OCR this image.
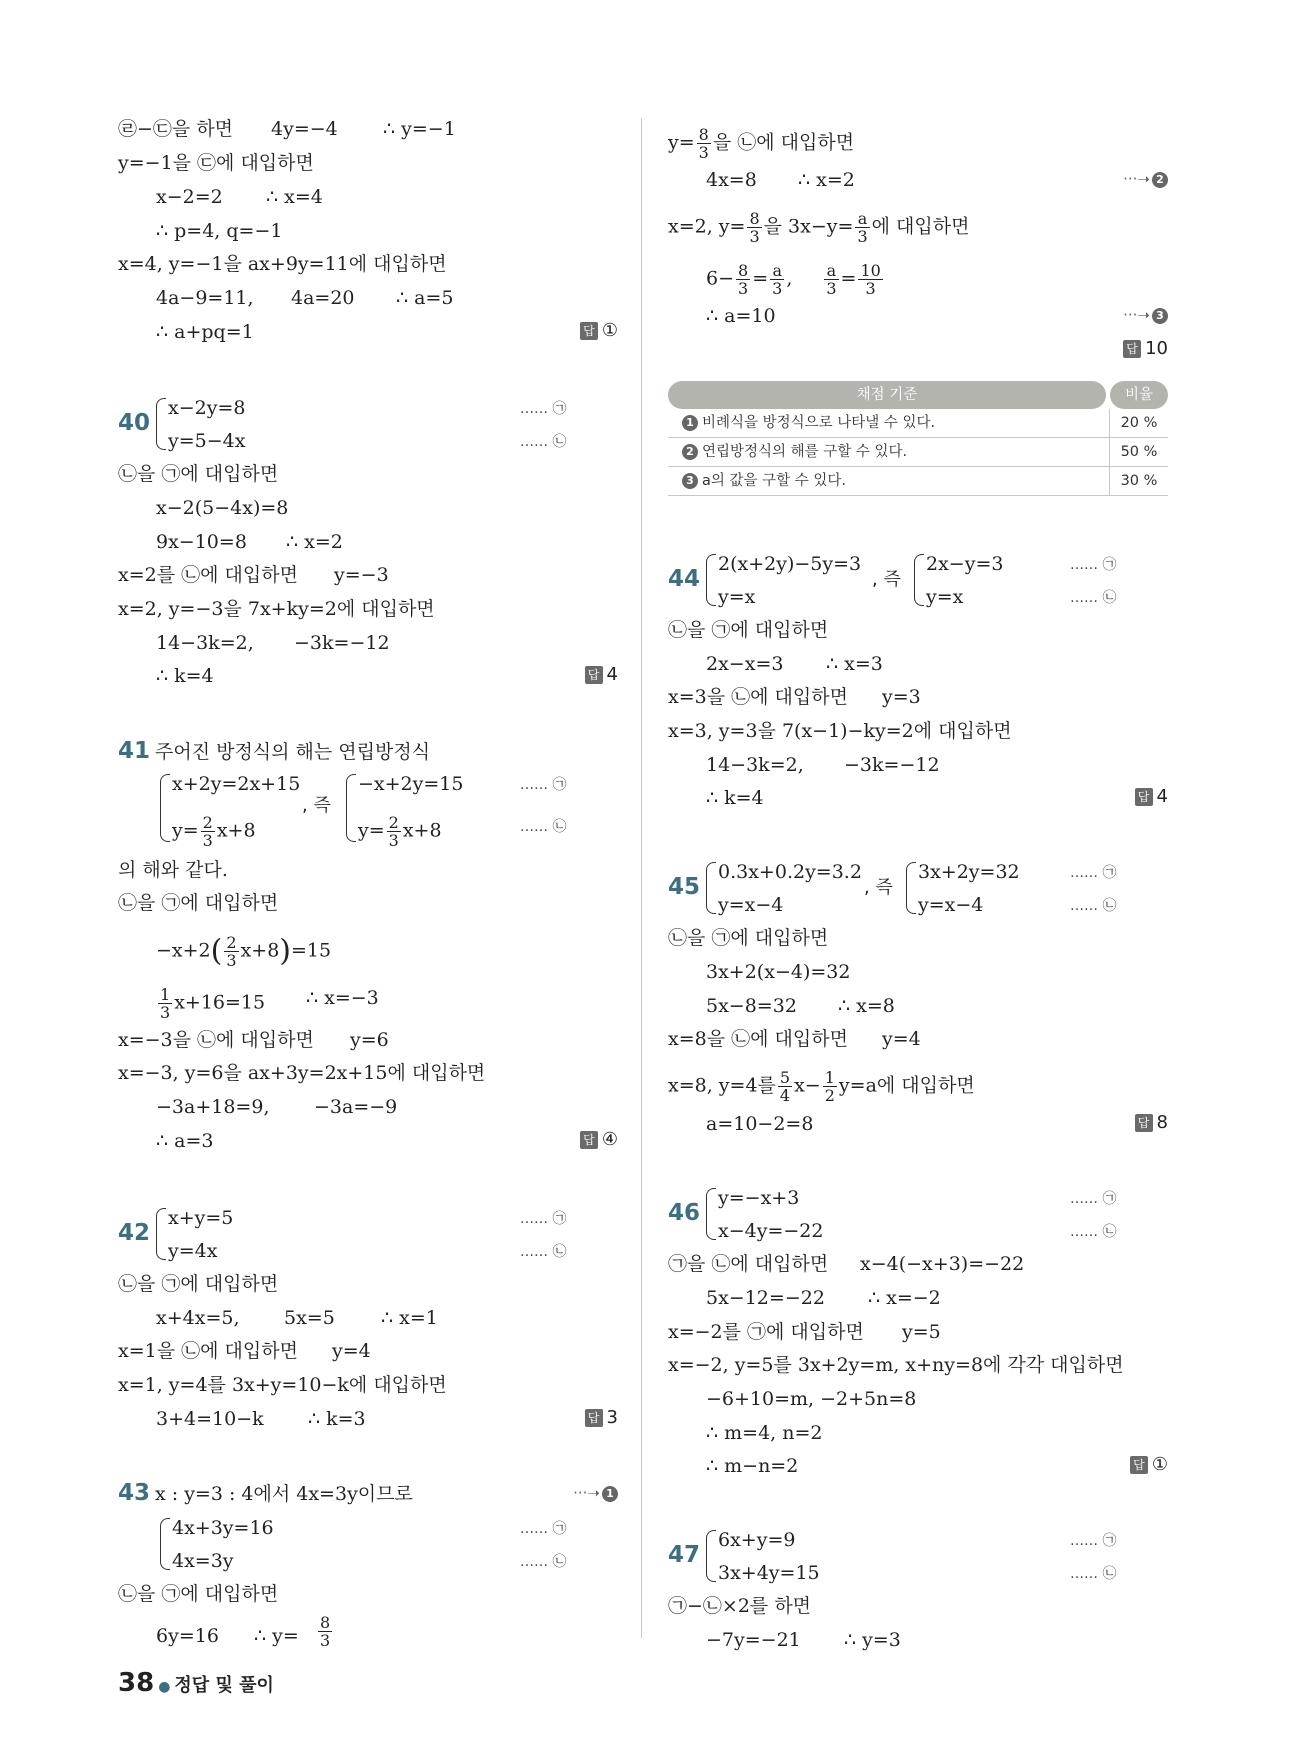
㉣−㉢을 하면 4y=−4 ∴ y=−1
y=−1을 ㉢에 대입하면
x−2=2 ∴ x=4
∴ p=4, q=−1
x=4, y=−1을 ax+9y=11에 대입하면
4a−9=11, 4a=20 ∴ a=5
∴ a+pq=1	답 ①
40
x−2y=8
y=5−4x
…… ㉠
…… ㉡
㉡을 ㉠에 대입하면
x−2(5−4x)=8
9x−10=8 ∴ x=2
x=2를 ㉡에 대입하면 y=−3
x=2, y=−3을 7x+ky=2에 대입하면
14−3k=2, −3k=−12
∴ k=4	답 4
41 주어진 방정식의 해는 연립방정식
x+2y=2x+15
$y= \frac{2}{3} x+8$
, 즉
−x+2y=15
$y= \frac{2}{3} x+8$
…… ㉠
…… ㉡
의 해와 같다.
㉡을 ㉠에 대입하면
$-x+2( \frac{2}{3} x+8)=15$
$\frac{1}{3} x+16=15$ ∴ x=−3
x=−3을 ㉡에 대입하면 y=6
x=−3, y=6을 ax+3y=2x+15에 대입하면
−3a+18=9, −3a=−9
∴ a=3	답 ④
42
x+y=5
y=4x
…… ㉠
…… ㉡
㉡을 ㉠에 대입하면
x+4x=5, 5x=5 ∴ x=1
x=1을 ㉡에 대입하면 y=4
x=1, y=4를 3x+y=10−k에 대입하면
3+4=10−k ∴ k=3	답 3
43 x : y=3 : 4에서 4x=3y이므로	···➝ 1
4x+3y=16
4x=3y
…… ㉠
…… ㉡
㉡을 ㉠에 대입하면
6y=16 ∴ $y= \frac{8}{3}$
$y= \frac{8}{3}$ 을 ㉡에 대입하면
4x=8 ∴ x=2	···➝ 2
x=2, $y= \frac{8}{3}$ 을 $3x-y= \frac{a}{3}$ 에 대입하면
$6- \frac{8}{3} = \frac{a}{3}$ , $\frac{a}{3} = \frac{10}{3}$
∴ a=10	···➝ 3
답 10
44
2(x+2y)−5y=3
y=x
, 즉
2x−y=3
y=x
…… ㉠
…… ㉡
㉡을 ㉠에 대입하면
2x−x=3 ∴ x=3
x=3을 ㉡에 대입하면 y=3
x=3, y=3을 7(x−1)−ky=2에 대입하면
14−3k=2, −3k=−12
∴ k=4	답 4
45
0.3x+0.2y=3.2
y=x−4
, 즉
3x+2y=32
y=x−4
…… ㉠
…… ㉡
㉡을 ㉠에 대입하면
3x+2(x−4)=32
5x−8=32 ∴ x=8
x=8을 ㉡에 대입하면 y=4
x=8, y=4를 $\frac{5}{4} x- \frac{1}{2} y=a$에 대입하면
a=10−2=8	답 8
46
y=−x+3
x−4y=−22
…… ㉠
…… ㉡
㉠을 ㉡에 대입하면 x−4(−x+3)=−22
5x−12=−22 ∴ x=−2
x=−2를 ㉠에 대입하면 y=5
x=−2, y=5를 3x+2y=m, x+ny=8에 각각 대입하면
−6+10=m, −2+5n=8
∴ m=4, n=2
∴ m−n=2	답 ①
47
6x+y=9
3x+4y=15
…… ㉠
…… ㉡
㉠−㉡×2를 하면
−7y=−21 ∴ y=3
채점 기준	비율
1 비례식을 방정식으로 나타낼 수 있다.	20 %
2 연립방정식의 해를 구할 수 있다.	50 %
3 a의 값을 구할 수 있다.	30 %
38 ● 정답 및 풀이
